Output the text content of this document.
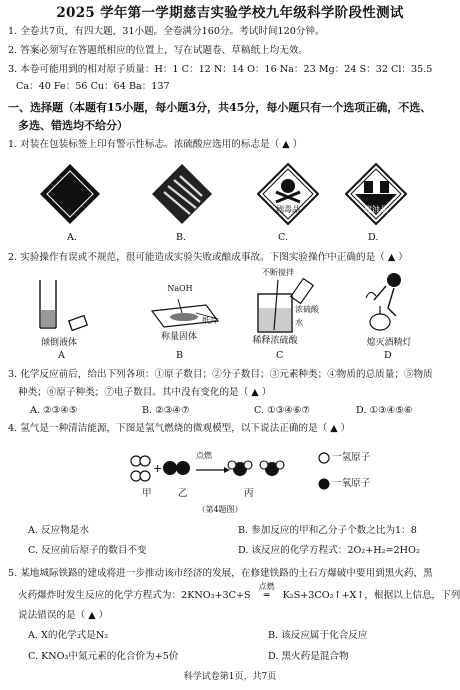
2025 学年第一学期慈吉实验学校九年级科学阶段性测试
1. 全卷共7页，有四大题，31小题。全卷满分160分。考试时间120分钟。
2. 答案必须写在答题纸相应的位置上，写在试题卷、草稿纸上均无效。
3. 本卷可能用到的相对原子质量：H：1 C：12 N：14 O：16 Na：23 Mg：24 S：32 Cl：35.5
Ca：40 Fe：56 Cu：64 Ba：137
一、选择题（本题有15小题，每小题3分，共45分，每小题只有一个选项正确，不选、
多选、错选均不给分）
1. 对装在包装标签上印有警示性标志。浓硫酸应选用的标志是（ ▲ ）
剧毒品	腐蚀品
A.	B.	C.	D.
2. 实验操作有误或不规范，很可能造成实验失败或酿成事故。下图实验操作中正确的是（ ▲ ）
倾倒液体
NaOH
纸片
称量固体
不断搅拌
浓硫酸
水
稀释浓硫酸	熄灭酒精灯
A	B	C	D
3. 化学反应前后，给出下列各项：①原子数目；②分子数目；③元素种类；④物质的总质量；⑤物质
种类；⑥原子种类；⑦电子数目。其中没有变化的是（ ▲ ）
A. ②③④⑤	B. ②③④⑦	C. ①③④⑥⑦	D. ①③④⑤⑥
4. 氢气是一种清洁能源，下图是氢气燃烧的微观模型，以下说法正确的是（ ▲ ）
+
点燃
甲	乙	丙
一氢原子
一氧原子
（第4题图）
A. 反应物是水	B. 参加反应的甲和乙分子个数之比为1：8
C. 反应前后原子的数目不变	D. 该反应的化学方程式：2O₂+H₂=2HO₂
5. 某地城际铁路的建成将进一步推动该市经济的发展，在修建铁路的土石方爆破中要用到黑火药，黑
火药爆炸时发生反应的化学方程式为：2KNO₃+3C+S
点燃
═ K₂S+3CO₂↑+X↑，根据以上信息，下列
说法错误的是（ ▲ ）
A. X的化学式是N₂	B. 该反应属于化合反应
C. KNO₃中氮元素的化合价为+5价	D. 黑火药是混合物
科学试卷第1页，共7页
